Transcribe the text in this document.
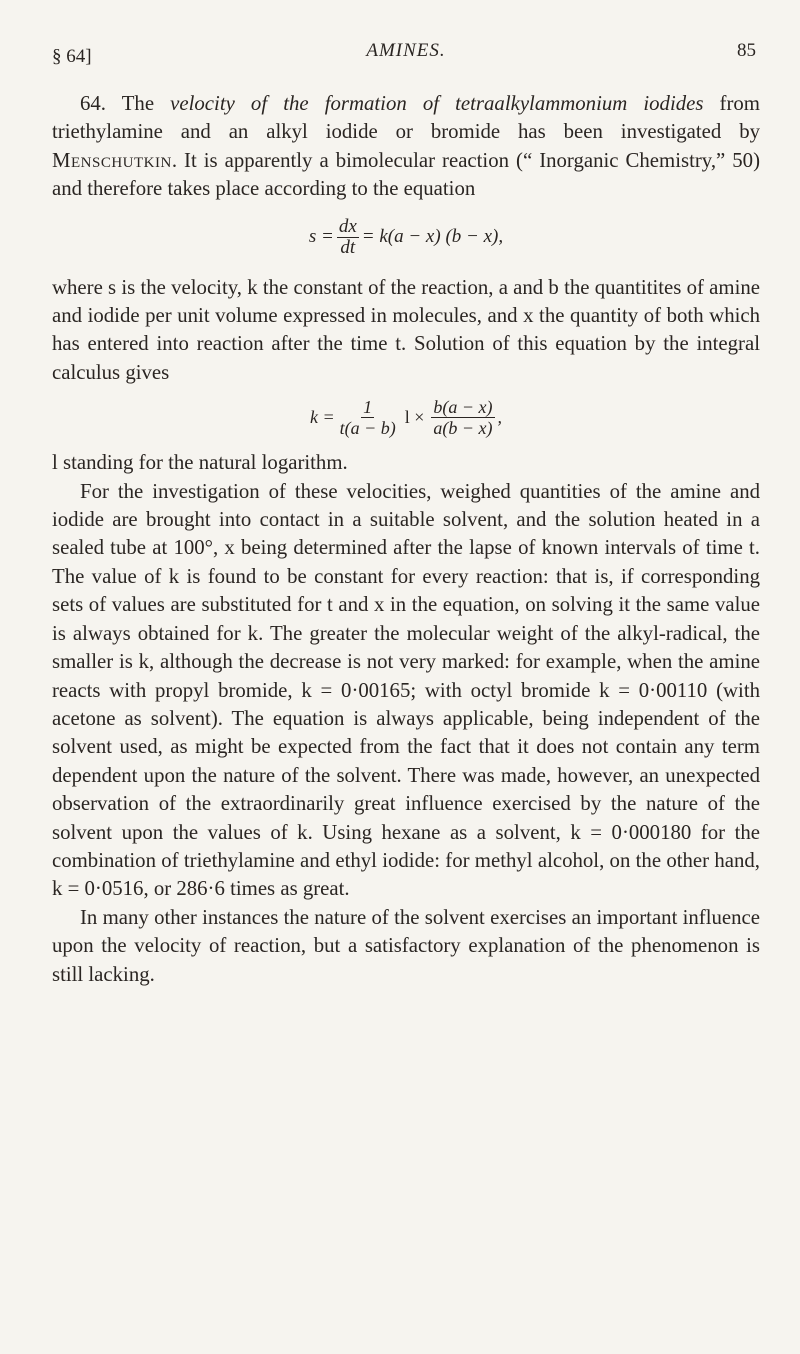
§ 64]	AMINES.	85

64. The velocity of the formation of tetraalkylammonium iodides from triethylamine and an alkyl iodide or bromide has been investigated by Menschutkin. It is apparently a bimolecular reaction (“ Inorganic Chemistry,” 50) and therefore takes place according to the equation

$s = \frac{dx}{dt} = k(a - x) (b - x)$,

where s is the velocity, k the constant of the reaction, a and b the quantitites of amine and iodide per unit volume expressed in molecules, and x the quantity of both which has entered into reaction after the time t. Solution of this equation by the integral calculus gives

$k = \frac{1}{t(a - b)}$ $l \times \frac{b(a - x)}{a(b - x)}$ ,

l standing for the natural logarithm.

For the investigation of these velocities, weighed quantities of the amine and iodide are brought into contact in a suitable solvent, and the solution heated in a sealed tube at 100°, x being determined after the lapse of known intervals of time t. The value of k is found to be constant for every reaction: that is, if corresponding sets of values are substituted for t and x in the equation, on solving it the same value is always obtained for k. The greater the molecular weight of the alkyl-radical, the smaller is k, although the decrease is not very marked: for example, when the amine reacts with propyl bromide, k = 0·00165; with octyl bromide k = 0·00110 (with acetone as solvent). The equation is always applicable, being independent of the solvent used, as might be expected from the fact that it does not contain any term dependent upon the nature of the solvent. There was made, however, an unexpected observation of the extraordinarily great influence exercised by the nature of the solvent upon the values of k. Using hexane as a solvent, k = 0·000180 for the combination of triethylamine and ethyl iodide: for methyl alcohol, on the other hand, k = 0·0516, or 286·6 times as great.

In many other instances the nature of the solvent exercises an important influence upon the velocity of reaction, but a satisfactory explanation of the phenomenon is still lacking.
